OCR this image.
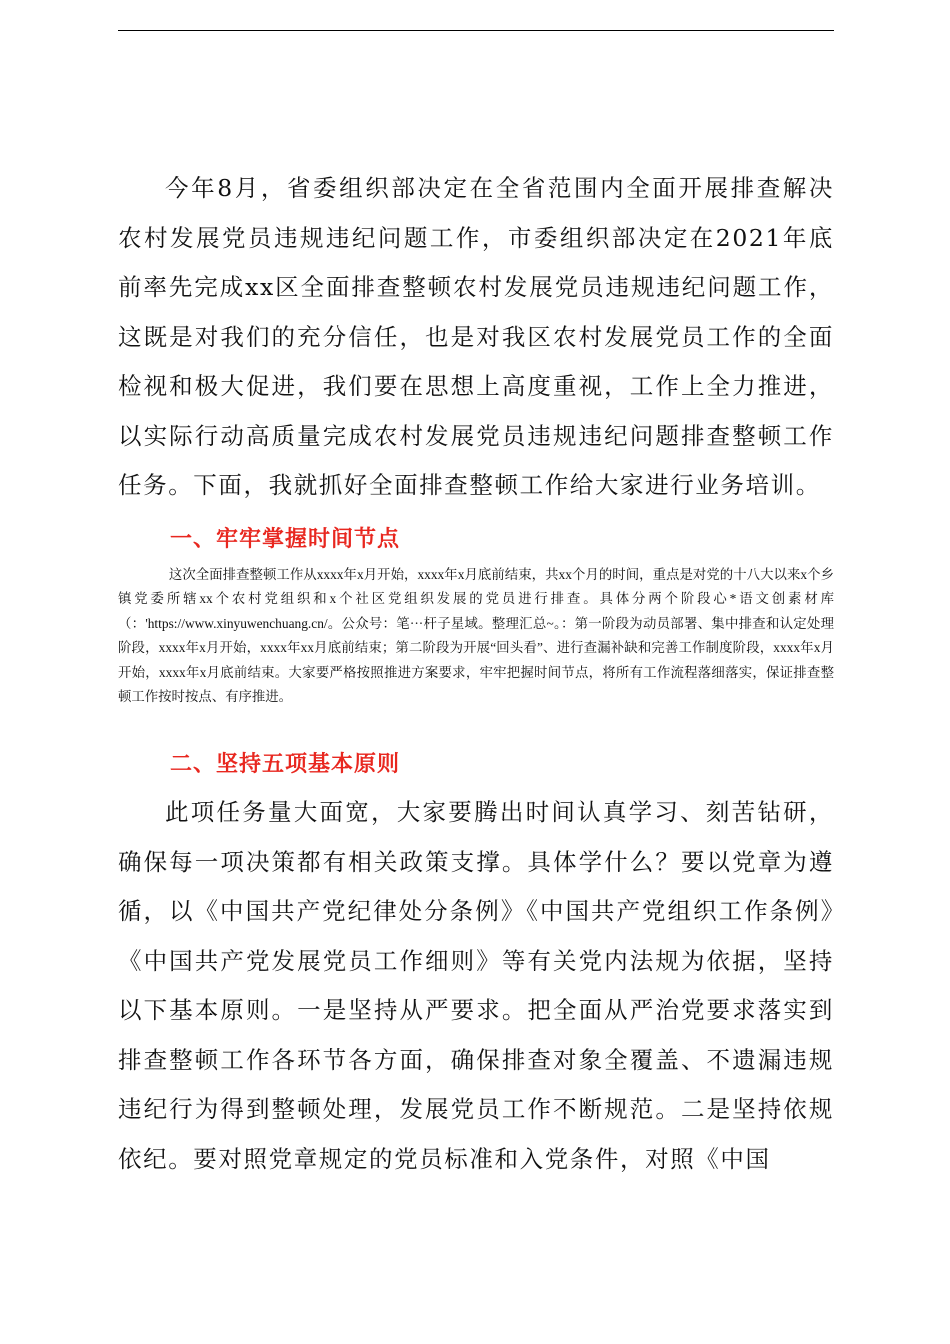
今年8月，省委组织部决定在全省范围内全面开展排查解决农村发展党员违规违纪问题工作，市委组织部决定在2021年底前率先完成xx区全面排查整顿农村发展党员违规违纪问题工作，这既是对我们的充分信任，也是对我区农村发展党员工作的全面检视和极大促进，我们要在思想上高度重视，工作上全力推进，以实际行动高质量完成农村发展党员违规违纪问题排查整顿工作任务。下面，我就抓好全面排查整顿工作给大家进行业务培训。

一、牢牢掌握时间节点

这次全面排查整顿工作从xxxx年x月开始，xxxx年x月底前结束，共xx个月的时间，重点是对党的十八大以来x个乡镇党委所辖xx个农村党组织和x个社区党组织发展的党员进行排查。具体分两个阶段心*语文创素材库（：'https://www.xinyuwenchuang.cn/。公众号：笔···杆子星域。整理汇总~。：第一阶段为动员部署、集中排查和认定处理阶段，xxxx年x月开始，xxxx年xx月底前结束；第二阶段为开展“回头看”、进行查漏补缺和完善工作制度阶段，xxxx年x月开始，xxxx年x月底前结束。大家要严格按照推进方案要求，牢牢把握时间节点，将所有工作流程落细落实，保证排查整顿工作按时按点、有序推进。

二、坚持五项基本原则

此项任务量大面宽，大家要腾出时间认真学习、刻苦钻研，确保每一项决策都有相关政策支撑。具体学什么？要以党章为遵循，以《中国共产党纪律处分条例》《中国共产党组织工作条例》《中国共产党发展党员工作细则》等有关党内法规为依据，坚持以下基本原则。一是坚持从严要求。把全面从严治党要求落实到排查整顿工作各环节各方面，确保排查对象全覆盖、不遗漏违规违纪行为得到整顿处理，发展党员工作不断规范。二是坚持依规依纪。要对照党章规定的党员标准和入党条件，对照《中国
